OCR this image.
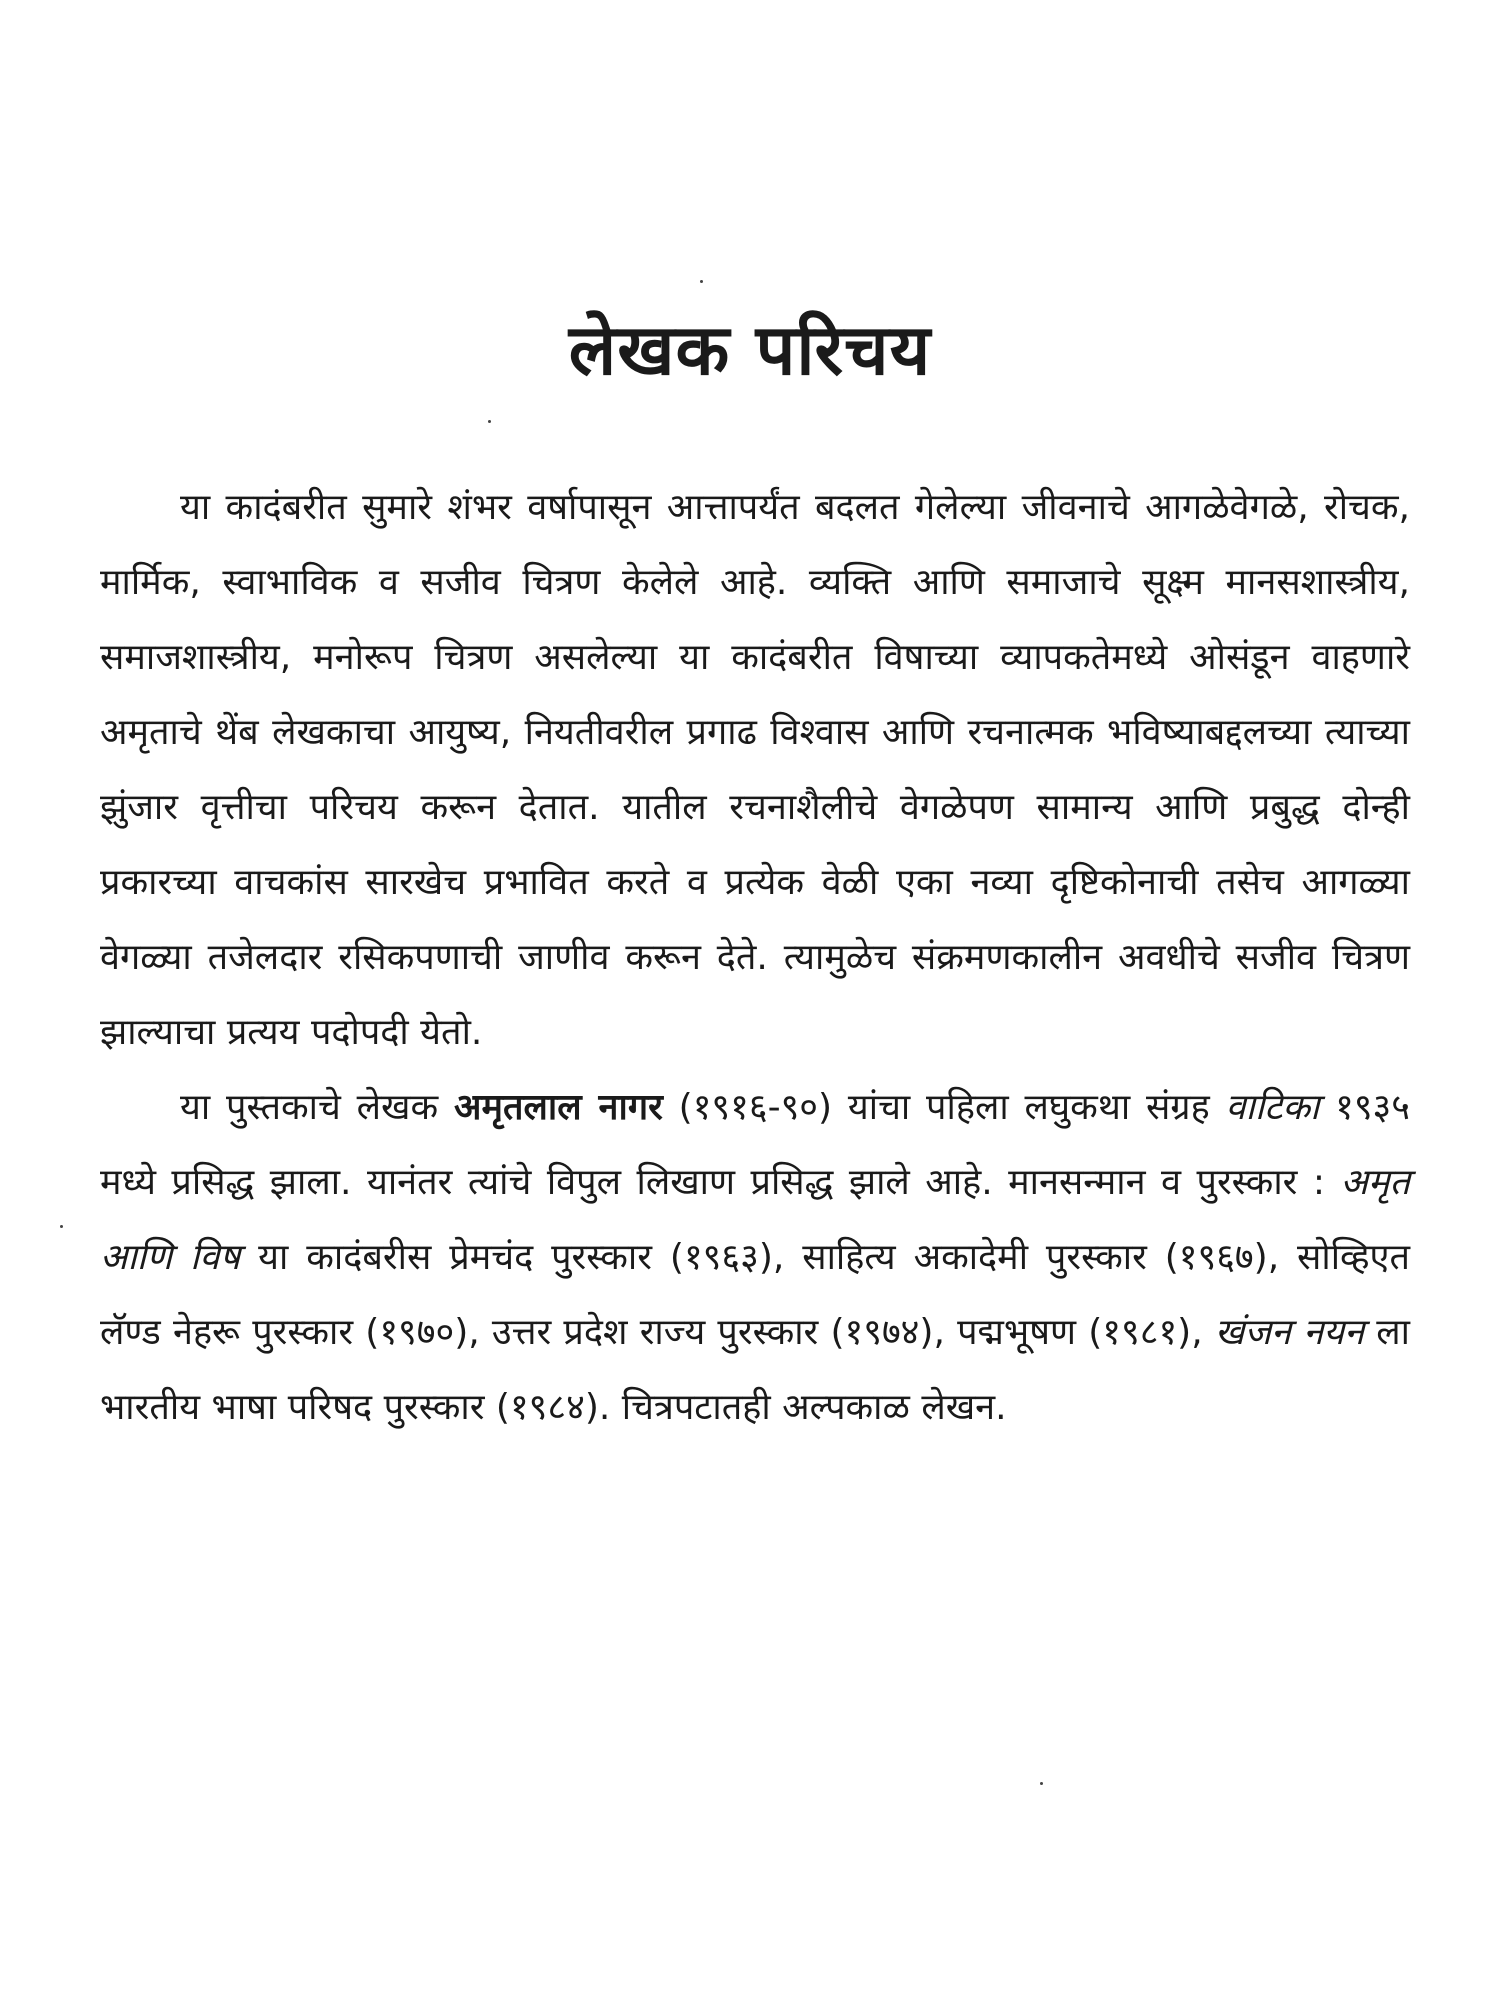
लेखक परिचय

या कादंबरीत सुमारे शंभर वर्षापासून आत्तापर्यंत बदलत गेलेल्या जीवनाचे आगळेवेगळे, रोचक, मार्मिक, स्वाभाविक व सजीव चित्रण केलेले आहे. व्यक्ति आणि समाजाचे सूक्ष्म मानसशास्त्रीय, समाजशास्त्रीय, मनोरूप चित्रण असलेल्या या कादंबरीत विषाच्या व्यापकतेमध्ये ओसंडून वाहणारे अमृताचे थेंब लेखकाचा आयुष्य, नियतीवरील प्रगाढ विश्वास आणि रचनात्मक भविष्याबद्दलच्या त्याच्या झुंजार वृत्तीचा परिचय करून देतात. यातील रचनाशैलीचे वेगळेपण सामान्य आणि प्रबुद्ध दोन्ही प्रकारच्या वाचकांस सारखेच प्रभावित करते व प्रत्येक वेळी एका नव्या दृष्टिकोनाची तसेच आगळ्या वेगळ्या तजेलदार रसिकपणाची जाणीव करून देते. त्यामुळेच संक्रमणकालीन अवधीचे सजीव चित्रण झाल्याचा प्रत्यय पदोपदी येतो.

या पुस्तकाचे लेखक अमृतलाल नागर (१९१६-९०) यांचा पहिला लघुकथा संग्रह वाटिका १९३५ मध्ये प्रसिद्ध झाला. यानंतर त्यांचे विपुल लिखाण प्रसिद्ध झाले आहे. मानसन्मान व पुरस्कार : अमृत आणि विष या कादंबरीस प्रेमचंद पुरस्कार (१९६३), साहित्य अकादेमी पुरस्कार (१९६७), सोव्हिएत लॅण्ड नेहरू पुरस्कार (१९७०), उत्तर प्रदेश राज्य पुरस्कार (१९७४), पद्मभूषण (१९८१), खंजन नयन ला भारतीय भाषा परिषद पुरस्कार (१९८४). चित्रपटातही अल्पकाळ लेखन.
